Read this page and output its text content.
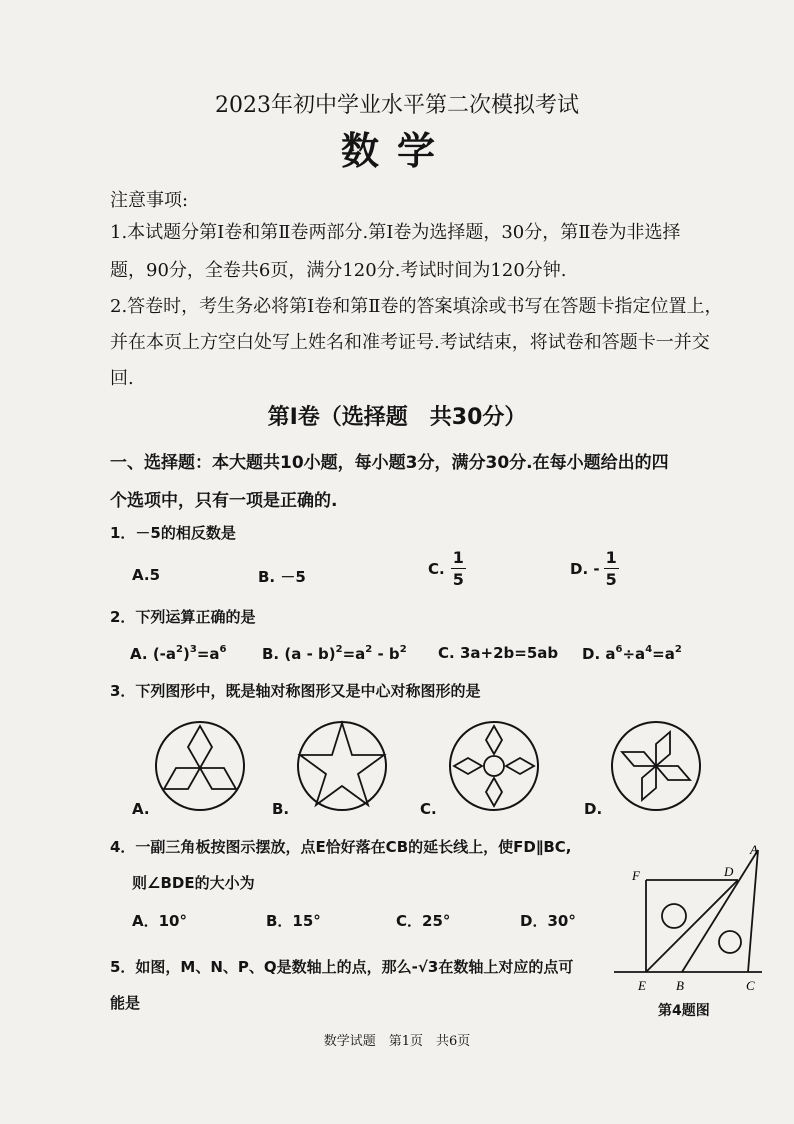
2023年初中学业水平第二次模拟考试
数学
注意事项:
1.本试题分第Ⅰ卷和第Ⅱ卷两部分.第Ⅰ卷为选择题，30分，第Ⅱ卷为非选择
题，90分，全卷共6页，满分120分.考试时间为120分钟.
2.答卷时，考生务必将第Ⅰ卷和第Ⅱ卷的答案填涂或书写在答题卡指定位置上，
并在本页上方空白处写上姓名和准考证号.考试结束，将试卷和答题卡一并交
回.
第Ⅰ卷（选择题　共30分）
一、选择题：本大题共10小题，每小题3分，满分30分.在每小题给出的四
个选项中，只有一项是正确的.
1．－5的相反数是
A.5	B. －5	C. $\frac{1}{5}$	D. - $\frac{1}{5}$
2．下列运算正确的是
A. $(-a^2)^3=a^6$ B. $(a - b)^2=a^2 - b^2$ C. 3a+2b=5ab D. $a^6\div a^4=a^2$
3．下列图形中，既是轴对称图形又是中心对称图形的是
A.	B.	C.	D.
4．一副三角板按图示摆放，点E恰好落在CB的延长线上，使FD∥BC,
则∠BDE的大小为
A．10°	B．15°	C．25°	D．30°
F	D
A
E B	C
第4题图
5．如图，M、N、P、Q是数轴上的点，那么-√3在数轴上对应的点可
能是
数学试题　第1页　共6页
